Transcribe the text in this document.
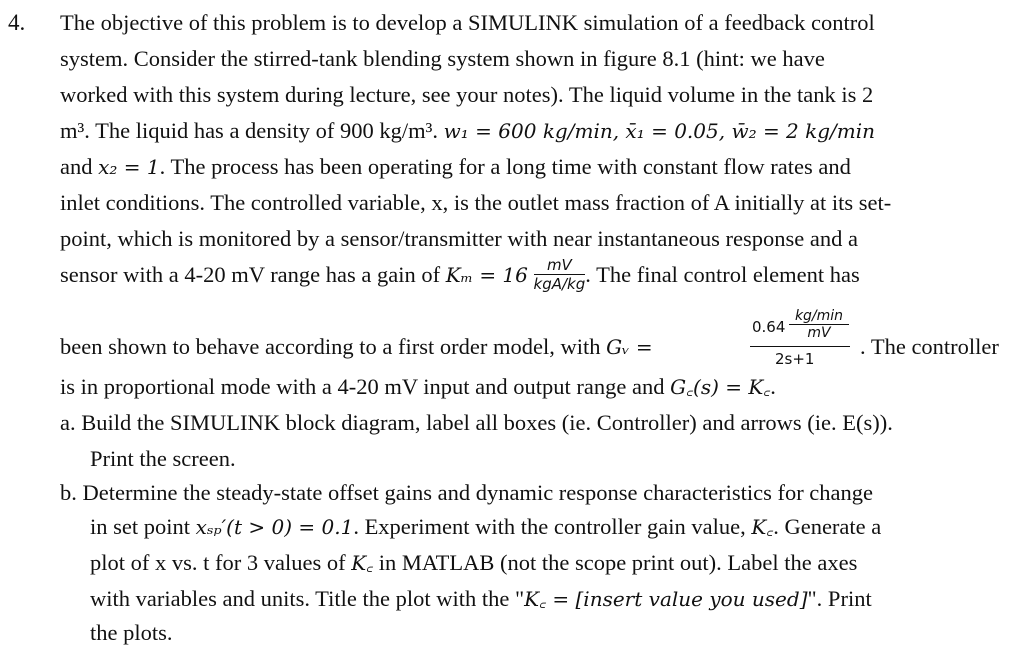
4. The objective of this problem is to develop a SIMULINK simulation of a feedback control
system. Consider the stirred-tank blending system shown in figure 8.1 (hint: we have
worked with this system during lecture, see your notes). The liquid volume in the tank is 2
m³. The liquid has a density of 900 kg/m³. w₁ = 600 kg/min, x̄₁ = 0.05, w̄₂ = 2 kg/min
and x₂ = 1. The process has been operating for a long time with constant flow rates and
inlet conditions. The controlled variable, x, is the outlet mass fraction of A initially at its set-
point, which is monitored by a sensor/transmitter with near instantaneous response and a
sensor with a 4-20 mV range has a gain of $K_m = 16 \frac{mV}{\text{kgA/kg}}$ . The final control element has
been shown to behave according to a first order model, with Gᵥ =
0.64
kg/min
mV
2s+1 . The controller
is in proportional mode with a 4-20 mV input and output range and G꜀(s) = K꜀.
a. Build the SIMULINK block diagram, label all boxes (ie. Controller) and arrows (ie. E(s)).
Print the screen.
b. Determine the steady-state offset gains and dynamic response characteristics for change
in set point xₛₚ′(t > 0) = 0.1. Experiment with the controller gain value, K꜀. Generate a
plot of x vs. t for 3 values of K꜀ in MATLAB (not the scope print out). Label the axes
with variables and units. Title the plot with the "K꜀ = [insert value you used]". Print
the plots.
